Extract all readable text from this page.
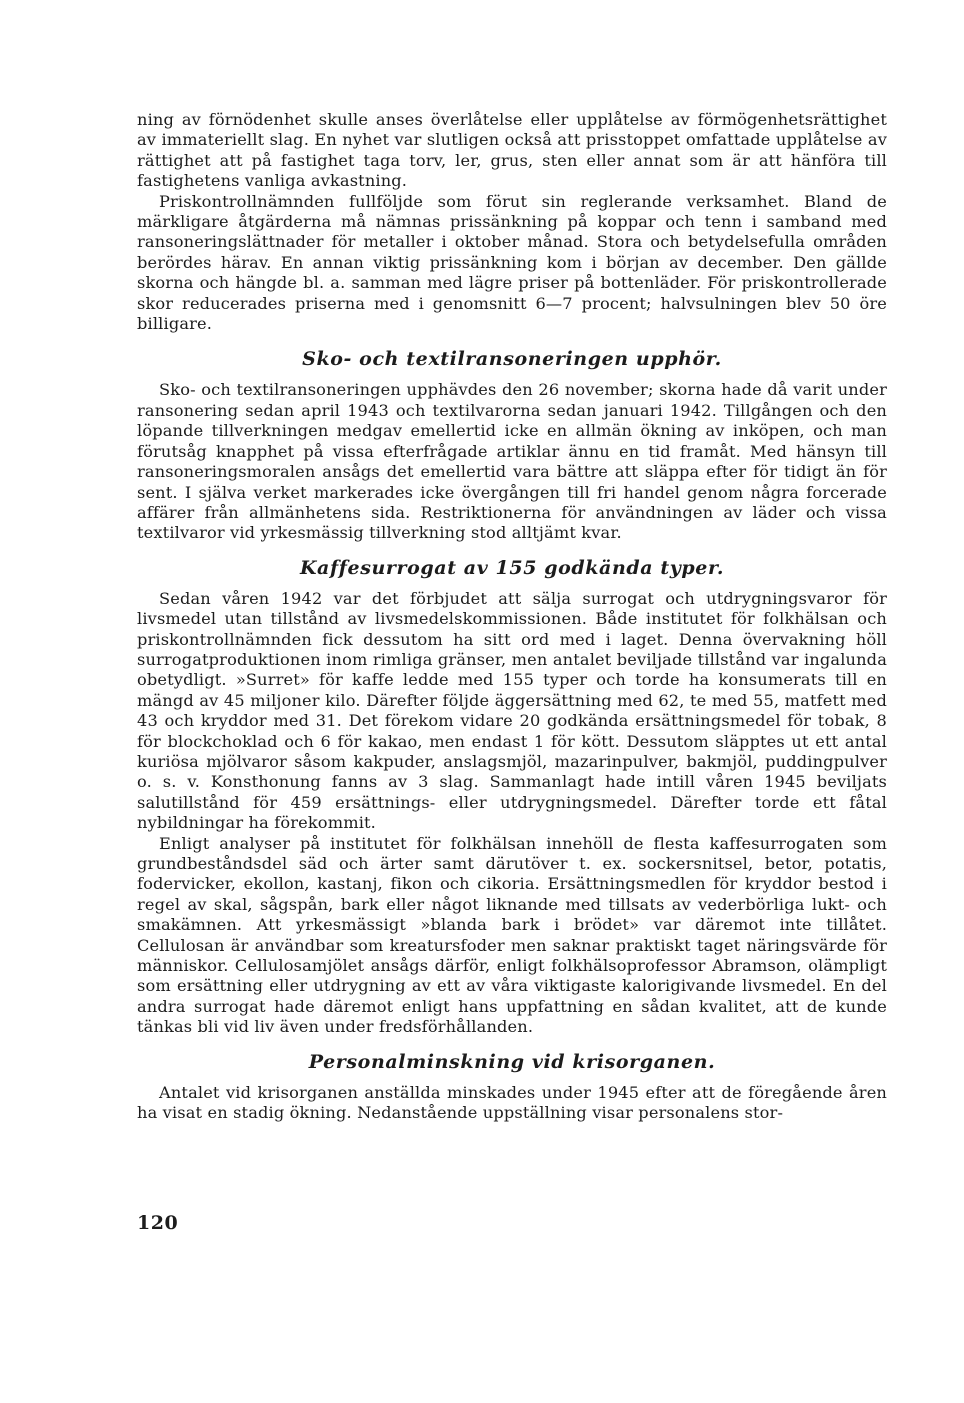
ning av förnödenhet skulle anses överlåtelse eller upplåtelse av förmögenhetsrättighet av immateriellt slag. En nyhet var slutligen också att prisstoppet omfattade upplåtelse av rättighet att på fastighet taga torv, ler, grus, sten eller annat som är att hänföra till fastighetens vanliga avkastning.

Priskontrollnämnden fullföljde som förut sin reglerande verksamhet. Bland de märkligare åtgärderna må nämnas prissänkning på koppar och tenn i samband med ransoneringslättnader för metaller i oktober månad. Stora och betydelsefulla områden berördes härav. En annan viktig prissänkning kom i början av december. Den gällde skorna och hängde bl. a. samman med lägre priser på bottenläder. För priskontrollerade skor reducerades priserna med i genomsnitt 6—7 procent; halvsulningen blev 50 öre billigare.

Sko- och textilransoneringen upphör.

Sko- och textilransoneringen upphävdes den 26 november; skorna hade då varit under ransonering sedan april 1943 och textilvarorna sedan januari 1942. Tillgången och den löpande tillverkningen medgav emellertid icke en allmän ökning av inköpen, och man förutsåg knapphet på vissa efterfrågade artiklar ännu en tid framåt. Med hänsyn till ransoneringsmoralen ansågs det emellertid vara bättre att släppa efter för tidigt än för sent. I själva verket markerades icke övergången till fri handel genom några forcerade affärer från allmänhetens sida. Restriktionerna för användningen av läder och vissa textilvaror vid yrkesmässig tillverkning stod alltjämt kvar.

Kaffesurrogat av 155 godkända typer.

Sedan våren 1942 var det förbjudet att sälja surrogat och utdrygningsvaror för livsmedel utan tillstånd av livsmedelskommissionen. Både institutet för folkhälsan och priskontrollnämnden fick dessutom ha sitt ord med i laget. Denna övervakning höll surrogatproduktionen inom rimliga gränser, men antalet beviljade tillstånd var ingalunda obetydligt. »Surret» för kaffe ledde med 155 typer och torde ha konsumerats till en mängd av 45 miljoner kilo. Därefter följde äggersättning med 62, te med 55, matfett med 43 och kryddor med 31. Det förekom vidare 20 godkända ersättningsmedel för tobak, 8 för blockchoklad och 6 för kakao, men endast 1 för kött. Dessutom släpptes ut ett antal kuriösa mjölvaror såsom kakpuder, anslagsmjöl, mazarinpulver, bakmjöl, puddingpulver o. s. v. Konsthonung fanns av 3 slag. Sammanlagt hade intill våren 1945 beviljats salutillstånd för 459 ersättnings- eller utdrygningsmedel. Därefter torde ett fåtal nybildningar ha förekommit.

Enligt analyser på institutet för folkhälsan innehöll de flesta kaffesurrogaten som grundbeståndsdel säd och ärter samt därutöver t. ex. sockersnitsel, betor, potatis, fodervicker, ekollon, kastanj, fikon och cikoria. Ersättningsmedlen för kryddor bestod i regel av skal, sågspån, bark eller något liknande med tillsats av vederbörliga lukt- och smakämnen. Att yrkesmässigt »blanda bark i brödet» var däremot inte tillåtet. Cellulosan är användbar som kreatursfoder men saknar praktiskt taget näringsvärde för människor. Cellulosamjölet ansågs därför, enligt folkhälsoprofessor Abramson, olämpligt som ersättning eller utdrygning av ett av våra viktigaste kalorigivande livsmedel. En del andra surrogat hade däremot enligt hans uppfattning en sådan kvalitet, att de kunde tänkas bli vid liv även under fredsförhållanden.

Personalminskning vid krisorganen.

Antalet vid krisorganen anställda minskades under 1945 efter att de föregående åren ha visat en stadig ökning. Nedanstående uppställning visar personalens stor-

120
